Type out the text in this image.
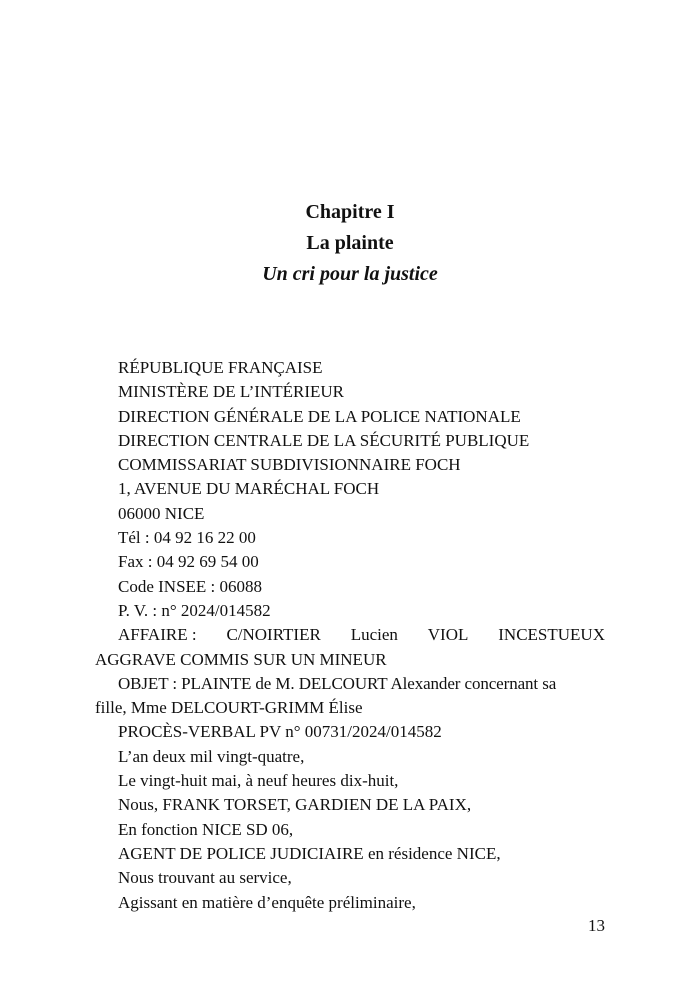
Chapitre I
La plainte
Un cri pour la justice
RÉPUBLIQUE FRANÇAISE
MINISTÈRE DE L’INTÉRIEUR
DIRECTION GÉNÉRALE DE LA POLICE NATIONALE
DIRECTION CENTRALE DE LA SÉCURITÉ PUBLIQUE
COMMISSARIAT SUBDIVISIONNAIRE FOCH
1, AVENUE DU MARÉCHAL FOCH
06000 NICE
Tél : 04 92 16 22 00
Fax : 04 92 69 54 00
Code INSEE : 06088
P. V. : n° 2024/014582
AFFAIRE : C/NOIRTIER Lucien VIOL INCESTUEUX
AGGRAVE COMMIS SUR UN MINEUR
OBJET : PLAINTE de M. DELCOURT Alexander concernant sa
fille, Mme DELCOURT-GRIMM Élise
PROCÈS-VERBAL PV n° 00731/2024/014582
L’an deux mil vingt-quatre,
Le vingt-huit mai, à neuf heures dix-huit,
Nous, FRANK TORSET, GARDIEN DE LA PAIX,
En fonction NICE SD 06,
AGENT DE POLICE JUDICIAIRE en résidence NICE,
Nous trouvant au service,
Agissant en matière d’enquête préliminaire,
13
